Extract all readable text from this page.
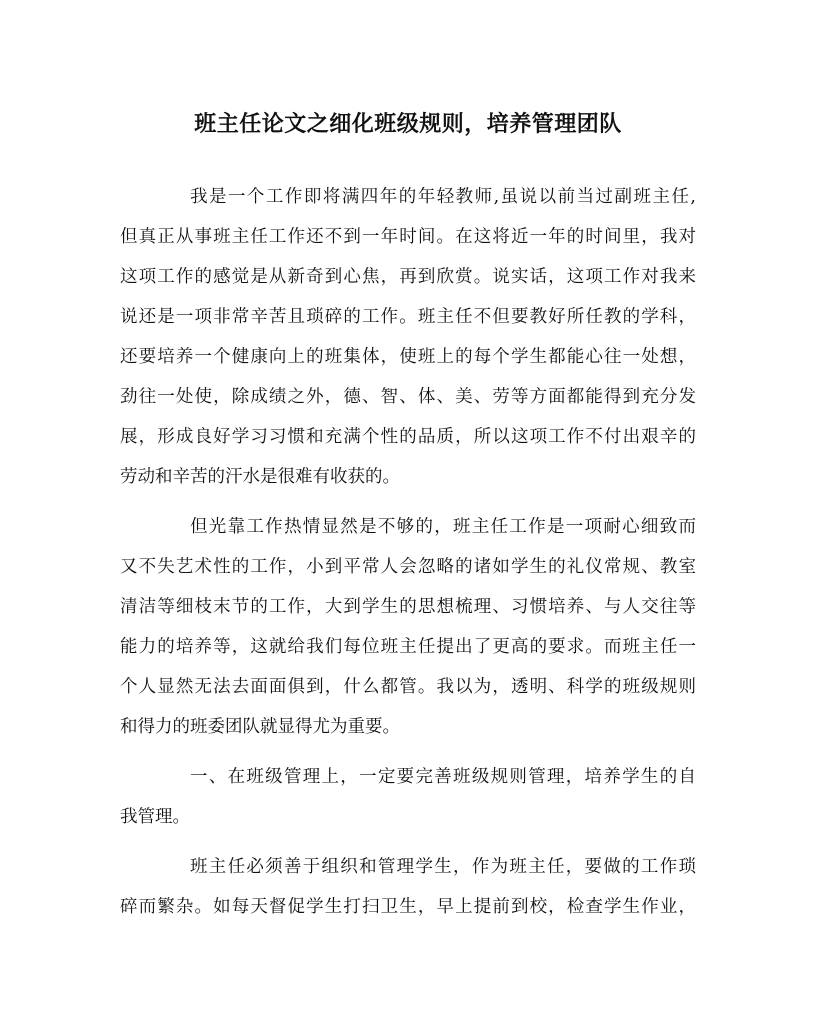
班主任论文之细化班级规则，培养管理团队
我是一个工作即将满四年的年轻教师,虽说以前当过副班主任,
但真正从事班主任工作还不到一年时间。在这将近一年的时间里，我对
这项工作的感觉是从新奇到心焦，再到欣赏。说实话，这项工作对我来
说还是一项非常辛苦且琐碎的工作。班主任不但要教好所任教的学科，
还要培养一个健康向上的班集体，使班上的每个学生都能心往一处想，
劲往一处使，除成绩之外，德、智、体、美、劳等方面都能得到充分发
展，形成良好学习习惯和充满个性的品质，所以这项工作不付出艰辛的
劳动和辛苦的汗水是很难有收获的。
但光靠工作热情显然是不够的，班主任工作是一项耐心细致而
又不失艺术性的工作，小到平常人会忽略的诸如学生的礼仪常规、教室
清洁等细枝末节的工作，大到学生的思想梳理、习惯培养、与人交往等
能力的培养等，这就给我们每位班主任提出了更高的要求。而班主任一
个人显然无法去面面俱到，什么都管。我以为，透明、科学的班级规则
和得力的班委团队就显得尤为重要。
一、在班级管理上，一定要完善班级规则管理，培养学生的自
我管理。
班主任必须善于组织和管理学生，作为班主任，要做的工作琐
碎而繁杂。如每天督促学生打扫卫生，早上提前到校，检查学生作业，
